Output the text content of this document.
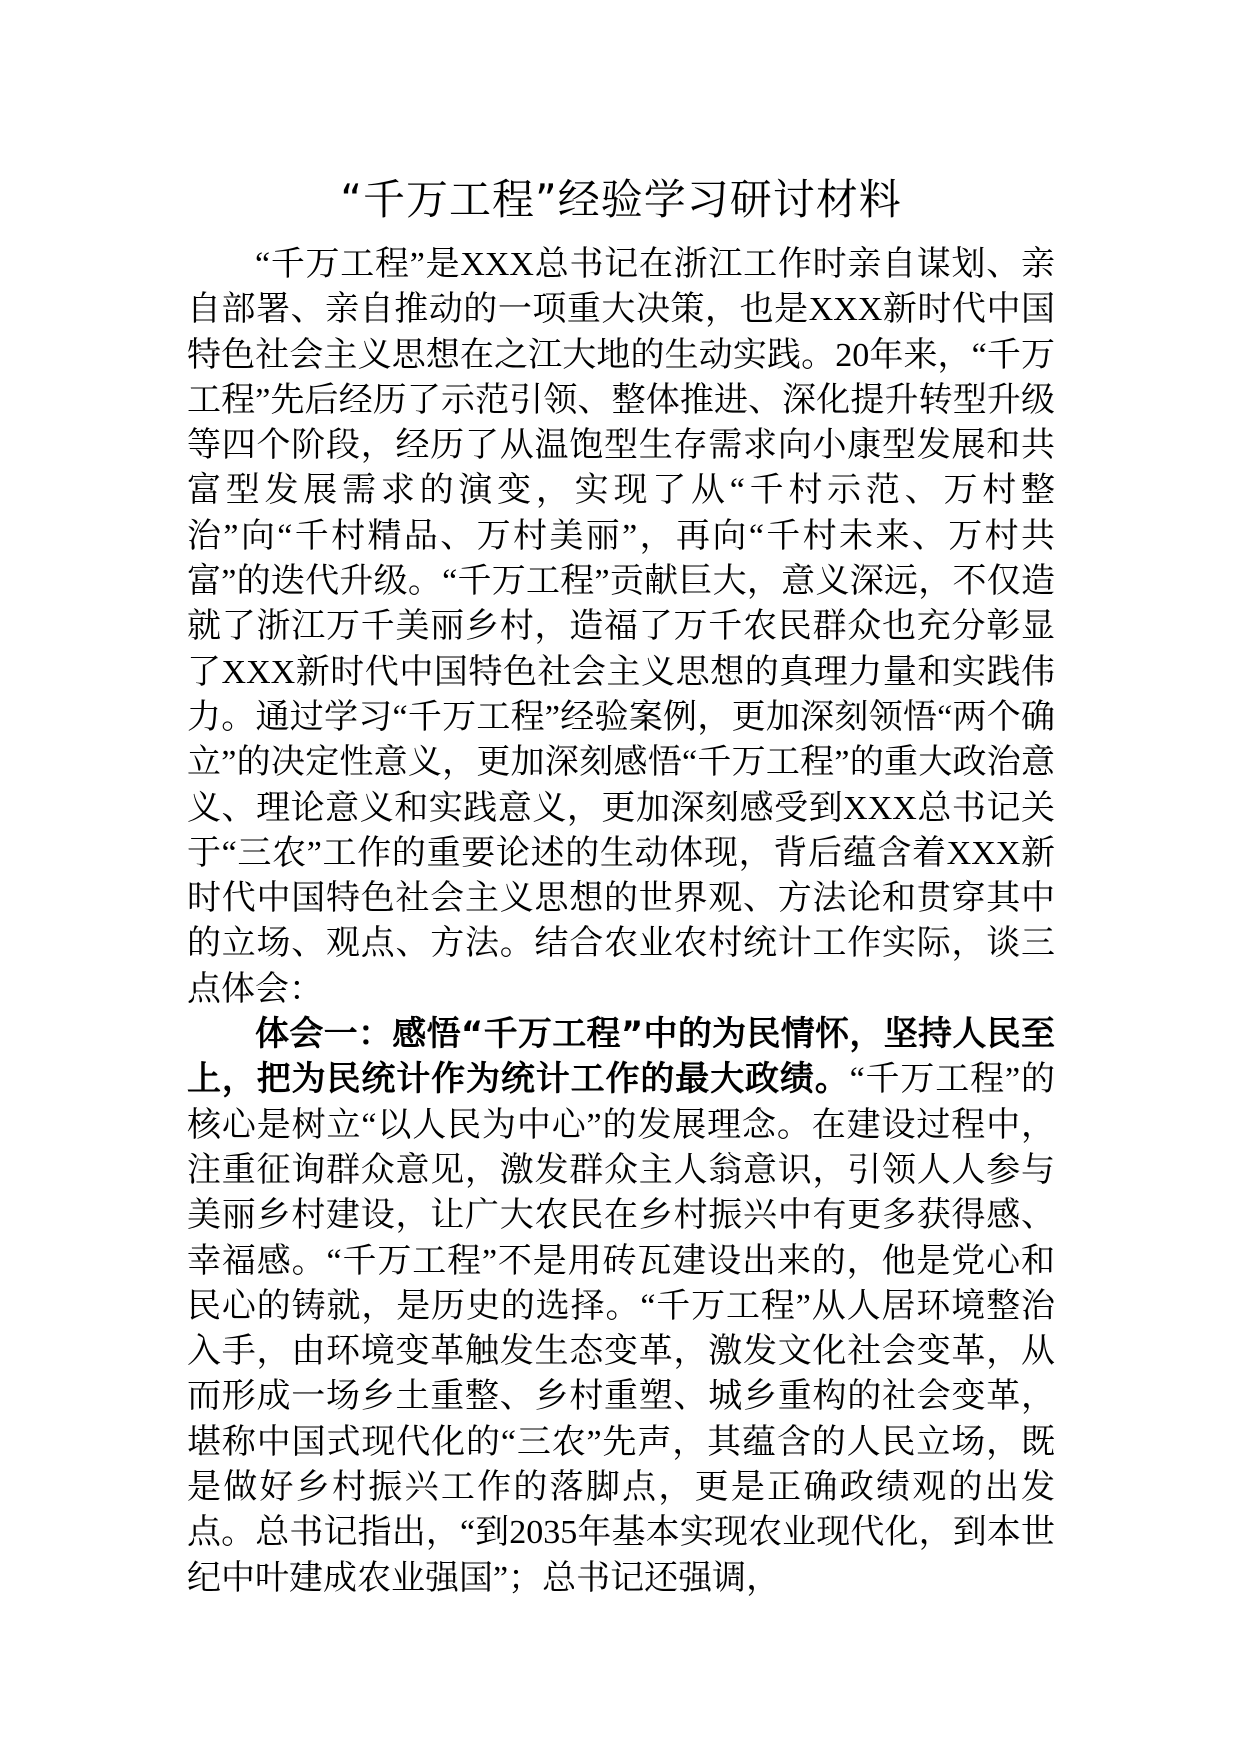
“千万工程”经验学习研讨材料

“千万工程”是XXX总书记在浙江工作时亲自谋划、亲自部署、亲自推动的一项重大决策，也是XXX新时代中国特色社会主义思想在之江大地的生动实践。20年来，“千万工程”先后经历了示范引领、整体推进、深化提升转型升级等四个阶段，经历了从温饱型生存需求向小康型发展和共富型发展需求的演变，实现了从“千村示范、万村整治”向“千村精品、万村美丽”，再向“千村未来、万村共富”的迭代升级。“千万工程”贡献巨大，意义深远，不仅造就了浙江万千美丽乡村，造福了万千农民群众也充分彰显了XXX新时代中国特色社会主义思想的真理力量和实践伟力。通过学习“千万工程”经验案例，更加深刻领悟“两个确立”的决定性意义，更加深刻感悟“千万工程”的重大政治意义、理论意义和实践意义，更加深刻感受到XXX总书记关于“三农”工作的重要论述的生动体现，背后蕴含着XXX新时代中国特色社会主义思想的世界观、方法论和贯穿其中的立场、观点、方法。结合农业农村统计工作实际，谈三点体会：

体会一：感悟“千万工程”中的为民情怀，坚持人民至上，把为民统计作为统计工作的最大政绩。“千万工程”的核心是树立“以人民为中心”的发展理念。在建设过程中，注重征询群众意见，激发群众主人翁意识，引领人人参与美丽乡村建设，让广大农民在乡村振兴中有更多获得感、幸福感。“千万工程”不是用砖瓦建设出来的，他是党心和民心的铸就，是历史的选择。“千万工程”从人居环境整治入手，由环境变革触发生态变革，激发文化社会变革，从而形成一场乡土重整、乡村重塑、城乡重构的社会变革，堪称中国式现代化的“三农”先声，其蕴含的人民立场，既是做好乡村振兴工作的落脚点，更是正确政绩观的出发点。总书记指出，“到2035年基本实现农业现代化，到本世纪中叶建成农业强国”；总书记还强调，
